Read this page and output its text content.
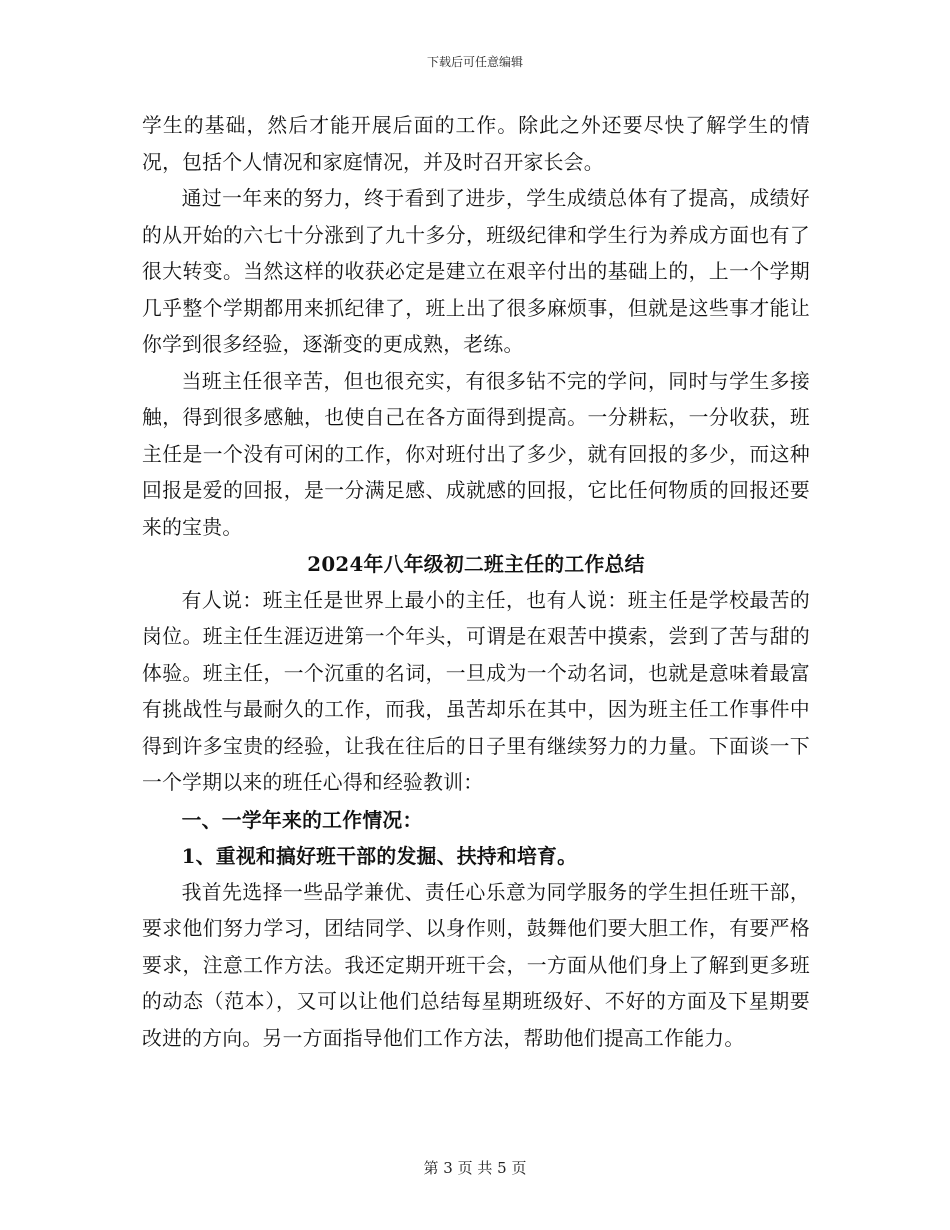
下载后可任意编辑

学生的基础，然后才能开展后面的工作。除此之外还要尽快了解学生的情况，包括个人情况和家庭情况，并及时召开家长会。

通过一年来的努力，终于看到了进步，学生成绩总体有了提高，成绩好的从开始的六七十分涨到了九十多分，班级纪律和学生行为养成方面也有了很大转变。当然这样的收获必定是建立在艰辛付出的基础上的，上一个学期几乎整个学期都用来抓纪律了，班上出了很多麻烦事，但就是这些事才能让你学到很多经验，逐渐变的更成熟，老练。

当班主任很辛苦，但也很充实，有很多钻不完的学问，同时与学生多接触，得到很多感触，也使自己在各方面得到提高。一分耕耘，一分收获，班主任是一个没有可闲的工作，你对班付出了多少，就有回报的多少，而这种回报是爱的回报，是一分满足感、成就感的回报，它比任何物质的回报还要来的宝贵。

2024年八年级初二班主任的工作总结

有人说：班主任是世界上最小的主任，也有人说：班主任是学校最苦的岗位。班主任生涯迈进第一个年头，可谓是在艰苦中摸索，尝到了苦与甜的体验。班主任，一个沉重的名词，一旦成为一个动名词，也就是意味着最富有挑战性与最耐久的工作，而我，虽苦却乐在其中，因为班主任工作事件中得到许多宝贵的经验，让我在往后的日子里有继续努力的力量。下面谈一下一个学期以来的班任心得和经验教训：

一、一学年来的工作情况：

1、重视和搞好班干部的发掘、扶持和培育。

我首先选择一些品学兼优、责任心乐意为同学服务的学生担任班干部，要求他们努力学习，团结同学、以身作则，鼓舞他们要大胆工作，有要严格要求，注意工作方法。我还定期开班干会，一方面从他们身上了解到更多班的动态（范本），又可以让他们总结每星期班级好、不好的方面及下星期要改进的方向。另一方面指导他们工作方法，帮助他们提高工作能力。

第 3 页 共 5 页
